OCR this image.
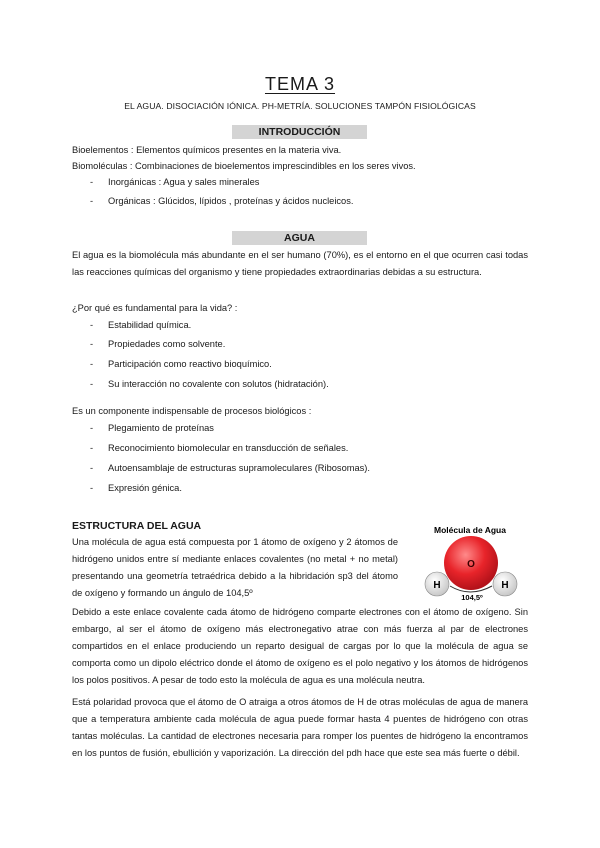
TEMA 3
EL AGUA. DISOCIACIÓN IÓNICA. PH-METRÍA. SOLUCIONES TAMPÓN FISIOLÓGICAS
INTRODUCCIÓN
Bioelementos : Elementos químicos presentes en la materia viva.
Biomoléculas : Combinaciones de bioelementos imprescindibles en los seres vivos.
- Inorgánicas : Agua y sales minerales
- Orgánicas : Glúcidos, lípidos , proteínas y ácidos nucleicos.
AGUA
El agua es la biomolécula más abundante en el ser humano (70%), es el entorno en el que ocurren casi todas las reacciones químicas del organismo y tiene propiedades extraordinarias debidas a su estructura.
¿Por qué es fundamental para la vida? :
- Estabilidad química.
- Propiedades como solvente.
- Participación como reactivo bioquímico.
- Su interacción no covalente con solutos (hidratación).
Es un componente indispensable de procesos biológicos :
- Plegamiento de proteínas
- Reconocimiento biomolecular en transducción de señales.
- Autoensamblaje de estructuras supramoleculares (Ribosomas).
- Expresión génica.
ESTRUCTURA DEL AGUA
Una molécula de agua está compuesta por 1 átomo de oxígeno y 2 átomos de hidrógeno unidos entre sí mediante enlaces covalentes (no metal + no metal) presentando una geometría tetraédrica debido a la hibridación sp3 del átomo de oxígeno y formando un ángulo de 104,5º
Debido a este enlace covalente cada átomo de hidrógeno comparte electrones con el átomo de oxígeno. Sin embargo, al ser el átomo de oxígeno más electronegativo atrae con más fuerza al par de electrones compartidos en el enlace produciendo un reparto desigual de cargas por lo que la molécula de agua se comporta como un dipolo eléctrico donde el átomo de oxígeno es el polo negativo y los átomos de hidrógenos los polos positivos. A pesar de todo esto la molécula de agua es una molécula neutra.
Está polaridad provoca que el átomo de O atraiga a otros átomos de H de otras moléculas de agua de manera que a temperatura ambiente cada molécula de agua puede formar hasta 4 puentes de hidrógeno con otras tantas moléculas. La cantidad de electrones necesaria para romper los puentes de hidrógeno la encontramos en los puntos de fusión, ebullición y vaporización. La dirección del pdh hace que este sea más fuerte o débil.
Molécula de Agua
O
H	H
104,5º
